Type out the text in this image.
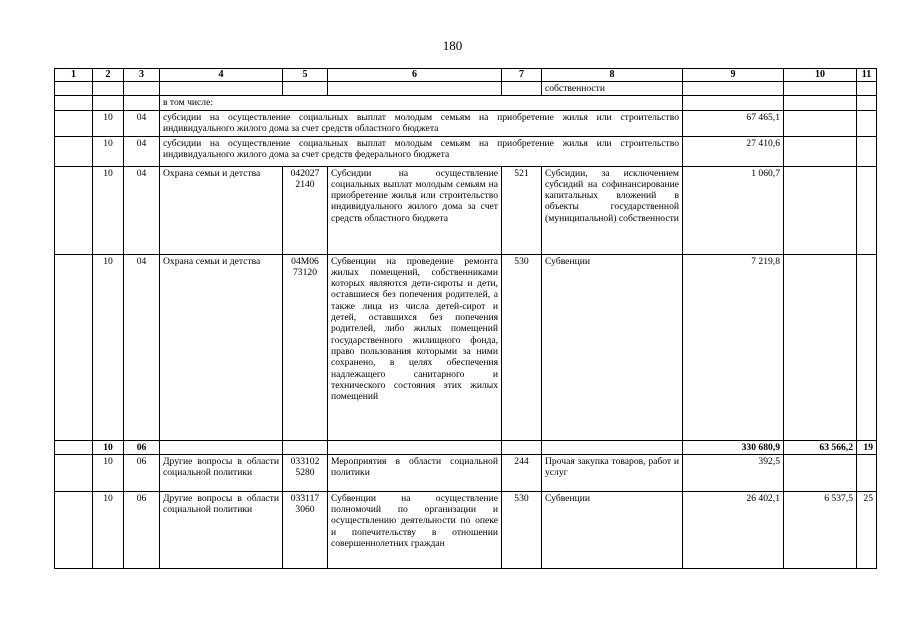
180
1	2	3	4	5	6	7	8	9	10	11
							собственности			
			в том числе:							
	10	04	субсидии на осуществление социальных выплат молодым семьям на приобретение жилья или строительство индивидуального жилого дома за счет средств областного бюджета					67 465,1		
	10	04	субсидии на осуществление социальных выплат молодым семьям на приобретение жилья или строительство индивидуального жилого дома за счет средств федерального бюджета					27 410,6		
	10	04	Охрана семьи и детства	042027 2140	Субсидии на осуществление социальных выплат молодым семьям на приобретение жилья или строительство индивидуального жилого дома за счет средств областного бюджета	521	Субсидии, за исключением субсидий на софинансирование капитальных вложений в объекты государственной (муниципальной) собственности	1 060,7		
	10	04	Охрана семьи и детства	04М06 73120	Субвенции на проведение ремонта жилых помещений, собственниками которых являются дети-сироты и дети, оставшиеся без попечения родителей, а также лица из числа детей-сирот и детей, оставшихся без попечения родителей, либо жилых помещений государственного жилищного фонда, право пользования которыми за ними сохранено, в целях обеспечения надлежащего санитарного и технического состояния этих жилых помещений	530	Субвенции	7 219,8		
	10	06						330 680,9	63 566,2	19
	10	06	Другие вопросы в области социальной политики	033102 5280	Мероприятия в области социальной политики	244	Прочая закупка товаров, работ и услуг	392,5		
	10	06	Другие вопросы в области социальной политики	033117 3060	Субвенции на осуществление полномочий по организации и осуществлению деятельности по опеке и попечительству в отношении совершеннолетних граждан	530	Субвенции	26 402,1	6 537,5	25
